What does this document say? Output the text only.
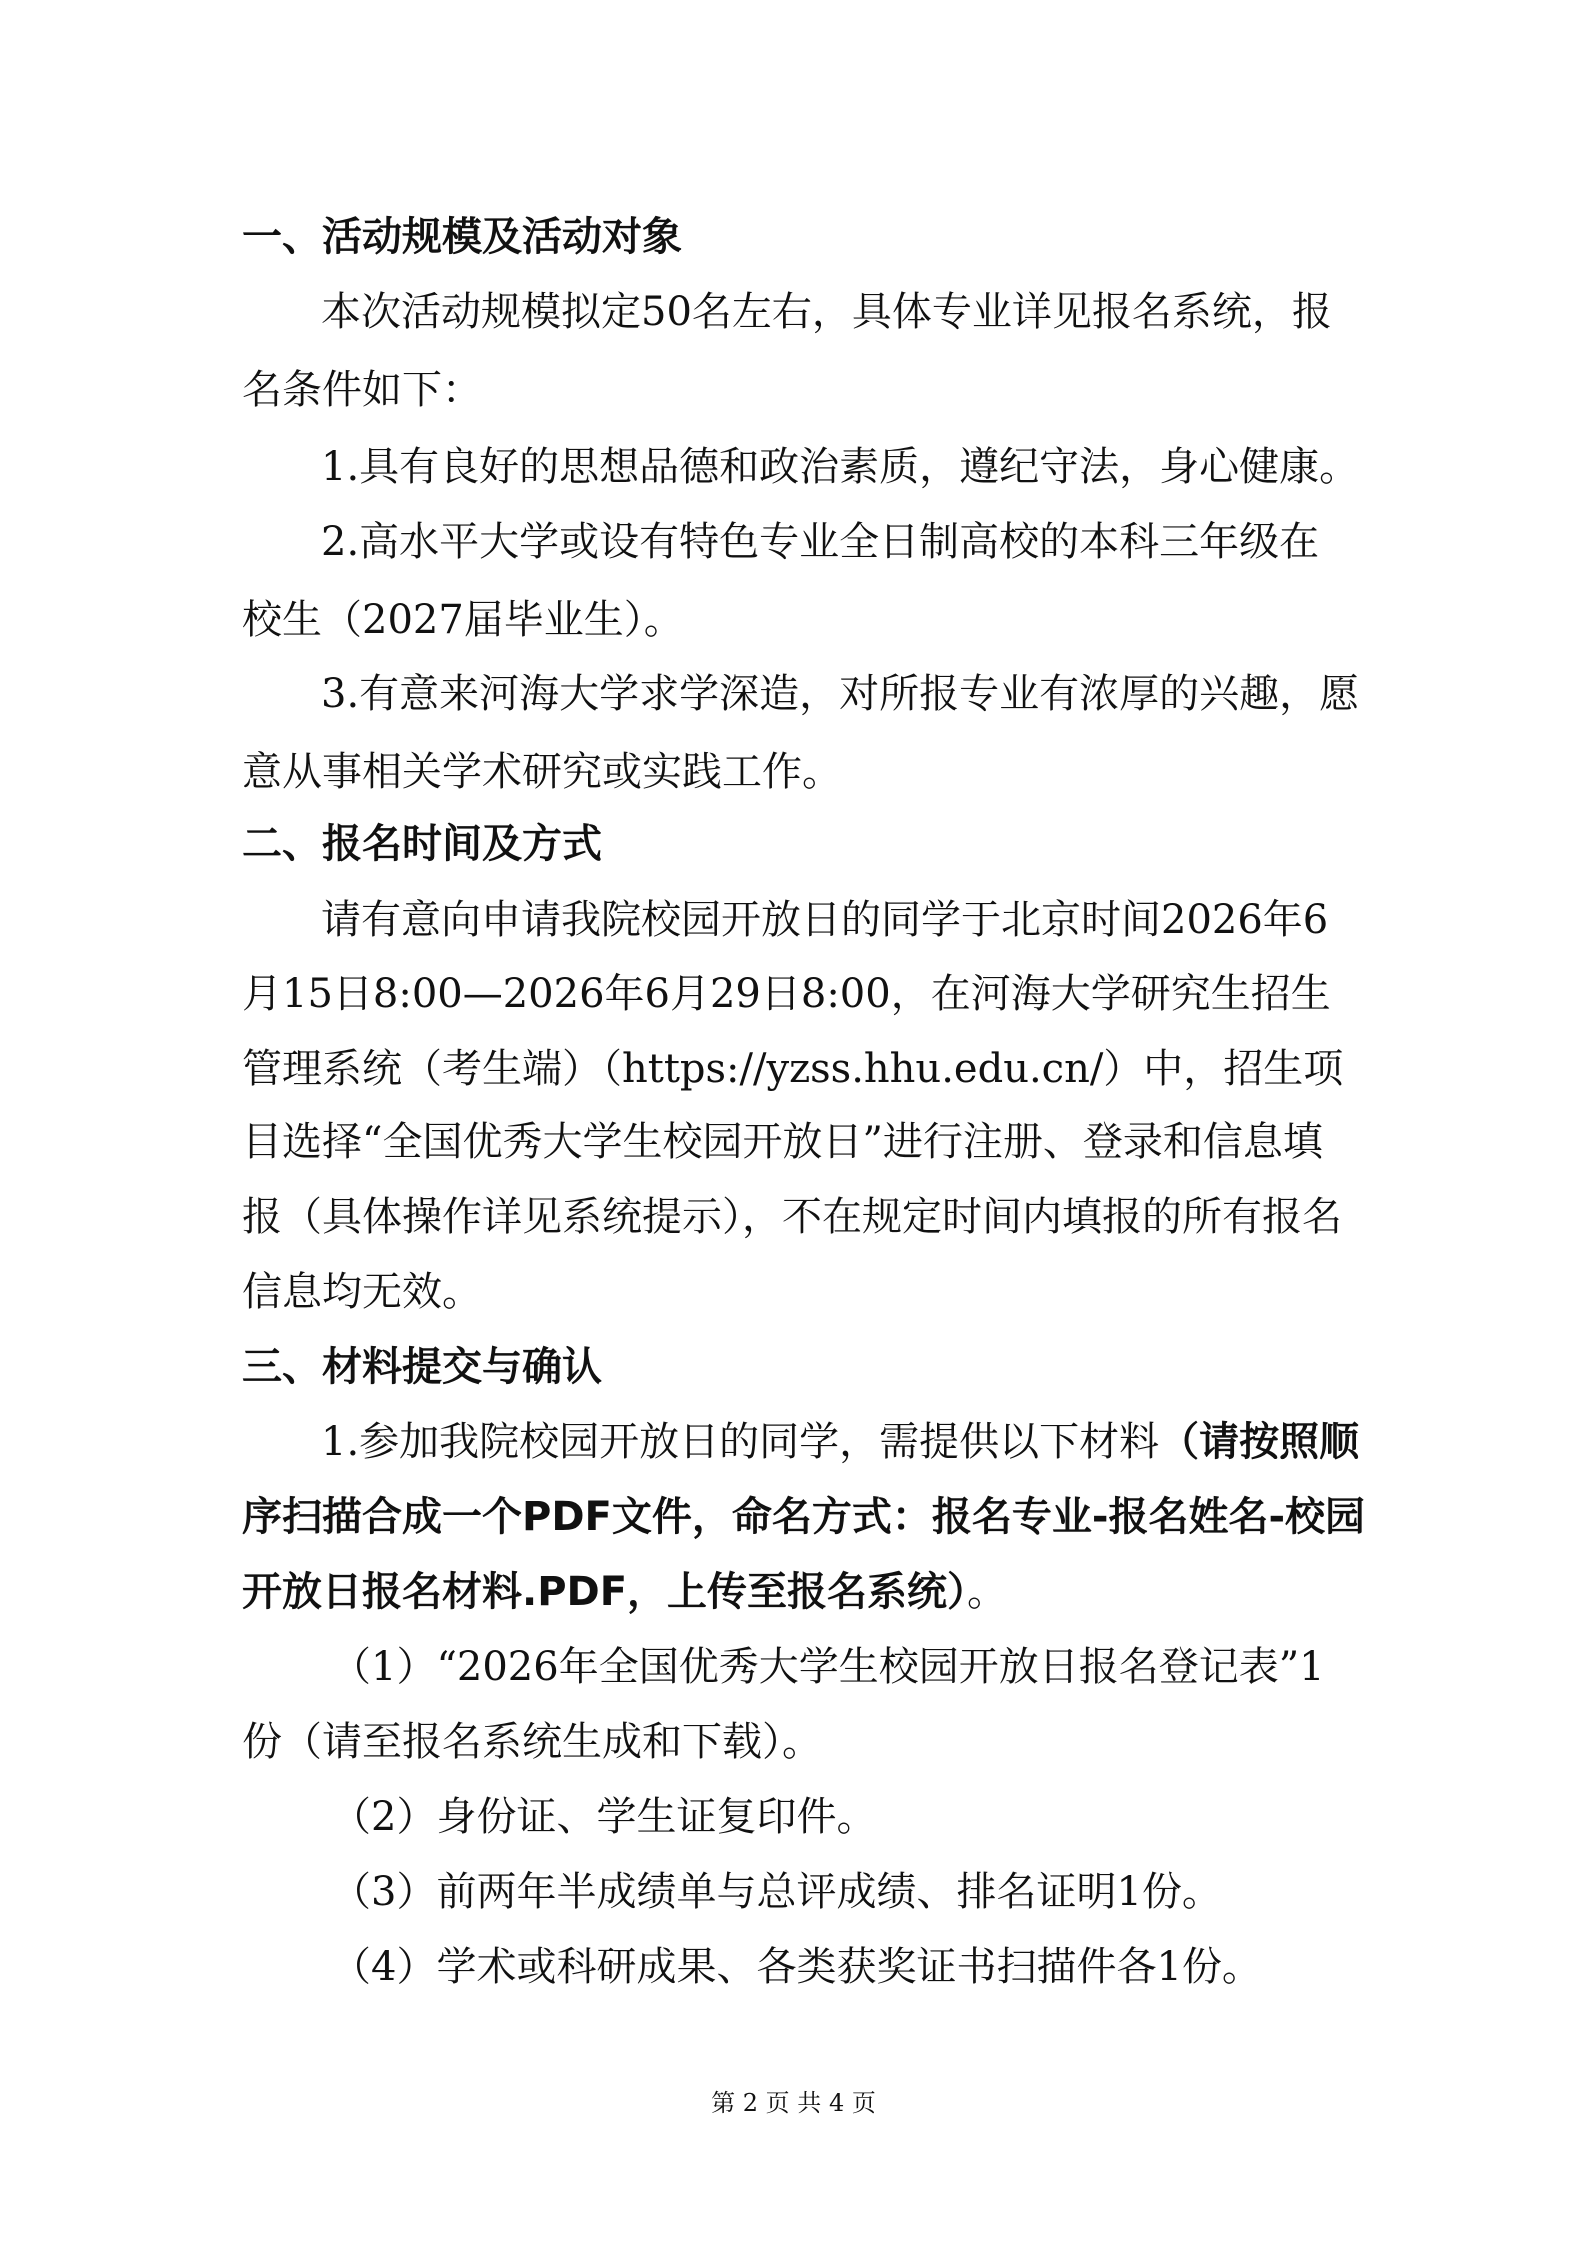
一、活动规模及活动对象
本次活动规模拟定50名左右，具体专业详见报名系统，报
名条件如下：
1.具有良好的思想品德和政治素质，遵纪守法，身心健康。
2.高水平大学或设有特色专业全日制高校的本科三年级在
校生（2027届毕业生）。
3.有意来河海大学求学深造，对所报专业有浓厚的兴趣，愿
意从事相关学术研究或实践工作。
二、报名时间及方式
请有意向申请我院校园开放日的同学于北京时间2026年6
月15日8:00—2026年6月29日8:00，在河海大学研究生招生
管理系统（考生端）（https://yzss.hhu.edu.cn/）中，招生项
目选择“全国优秀大学生校园开放日”进行注册、登录和信息填
报（具体操作详见系统提示），不在规定时间内填报的所有报名
信息均无效。
三、材料提交与确认
1.参加我院校园开放日的同学，需提供以下材料（请按照顺
序扫描合成一个PDF文件，命名方式：报名专业-报名姓名-校园
开放日报名材料.PDF，上传至报名系统）。
（1）“2026年全国优秀大学生校园开放日报名登记表”1
份（请至报名系统生成和下载）。
（2）身份证、学生证复印件。
（3）前两年半成绩单与总评成绩、排名证明1份。
（4）学术或科研成果、各类获奖证书扫描件各1份。
第 2 页 共 4 页
